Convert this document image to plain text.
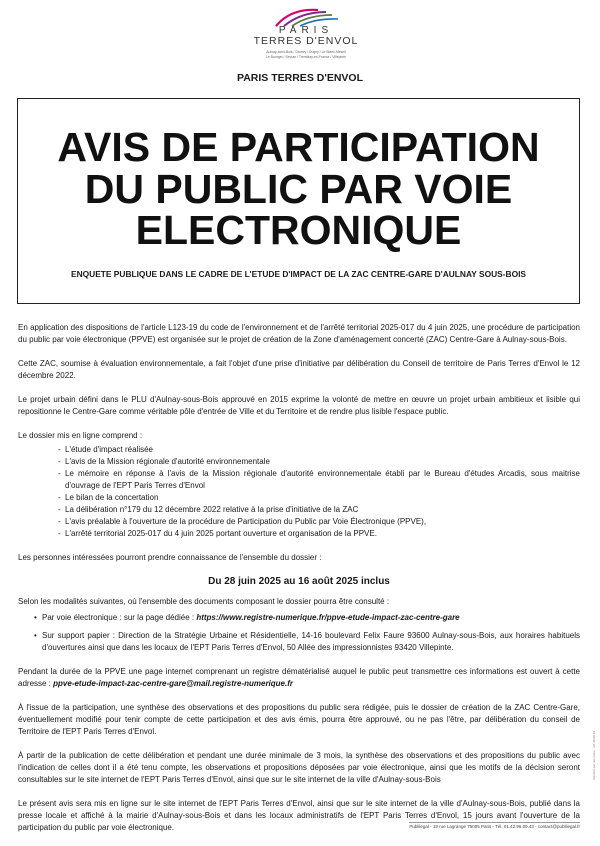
PARIS
TERRES D'ENVOL
Aulnay-sous-Bois / Drancy / Dugny / Le Blanc-Mesnil
Le Bourget / Sevran / Tremblay-en-France / Villepinte
PARIS TERRES D'ENVOL
AVIS DE PARTICIPATION
DU PUBLIC PAR VOIE
ELECTRONIQUE
ENQUETE PUBLIQUE DANS LE CADRE DE L'ETUDE D'IMPACT DE LA ZAC CENTRE-GARE D'AULNAY SOUS-BOIS

En application des dispositions de l'article L123-19 du code de l'environnement et de l'arrêté territorial 2025-017 du 4 juin 2025, une procédure de participation du public par voie électronique (PPVE) est organisée sur le projet de création de la Zone d'aménagement concerté (ZAC) Centre-Gare à Aulnay-sous-Bois.

Cette ZAC, soumise à évaluation environnementale, a fait l'objet d'une prise d'initiative par délibération du Conseil de territoire de Paris Terres d'Envol le 12 décembre 2022.

Le projet urbain défini dans le PLU d'Aulnay-sous-Bois approuvé en 2015 exprime la volonté de mettre en œuvre un projet urbain ambitieux et lisible qui repositionne le Centre-Gare comme véritable pôle d'entrée de Ville et du Territoire et de rendre plus lisible l'espace public.

Le dossier mis en ligne comprend :

- L'étude d'impact réalisée
- L'avis de la Mission régionale d'autorité environnementale
- Le mémoire en réponse à l'avis de la Mission régionale d'autorité environnementale établi par le Bureau d'études Arcadis, sous maitrise d'ouvrage de l'EPT Paris Terres d'Envol
- Le bilan de la concertation
- La délibération n°179 du 12 décembre 2022 relative à la prise d'initiative de la ZAC
- L'avis préalable à l'ouverture de la procédure de Participation du Public par Voie Électronique (PPVE),
- L'arrêté territorial 2025-017 du 4 juin 2025 portant ouverture et organisation de la PPVE.

Les personnes intéressées pourront prendre connaissance de l'ensemble du dossier :

Du 28 juin 2025 au 16 août 2025 inclus

Selon les modalités suivantes, où l'ensemble des documents composant le dossier pourra être consulté :

• Par voie électronique : sur la page dédiée : https://www.registre-numerique.fr/ppve-etude-impact-zac-centre-gare
• Sur support papier : Direction de la Stratégie Urbaine et Résidentielle, 14-16 boulevard Felix Faure 93600 Aulnay-sous-Bois, aux horaires habituels d'ouvertures ainsi que dans les locaux de l'EPT Paris Terres d'Envol, 50 Allée des impressionnistes 93420 Villepinte.

Pendant la durée de la PPVE une page internet comprenant un registre dématérialisé auquel le public peut transmettre ces informations est ouvert à cette adresse : ppve-etude-impact-zac-centre-gare@mail.registre-numerique.fr

À l'issue de la participation, une synthèse des observations et des propositions du public sera rédigée, puis le dossier de création de la ZAC Centre-Gare, éventuellement modifié pour tenir compte de cette participation et des avis émis, pourra être approuvé, ou ne pas l'être, par délibération du conseil de Territoire de l'EPT Paris Terres d'Envol.

À partir de la publication de cette délibération et pendant une durée minimale de 3 mois, la synthèse des observations et des propositions du public avec l'indication de celles dont il a été tenu compte, les observations et propositions déposées par voie électronique, ainsi que les motifs de la décision seront consultables sur le site internet de l'EPT Paris Terres d'Envol, ainsi que sur le site internet de la ville d'Aulnay-sous-Bois

Le présent avis sera mis en ligne sur le site internet de l'EPT Paris Terres d'Envol, ainsi que sur le site internet de la ville d'Aulnay-sous-Bois, publié dans la presse locale et affiché à la mairie d'Aulnay-sous-Bois et dans les locaux administratifs de l'EPT Paris Terres d'Envol, 15 jours avant l'ouverture de la participation du public par voie électronique.	Publilegal - 19 rue Lagrange 75005 Paris - Tél. 01.42.96.09.43 - contact@publilegal.fr
Imprimé par nos soins - réf. 25 00 26
